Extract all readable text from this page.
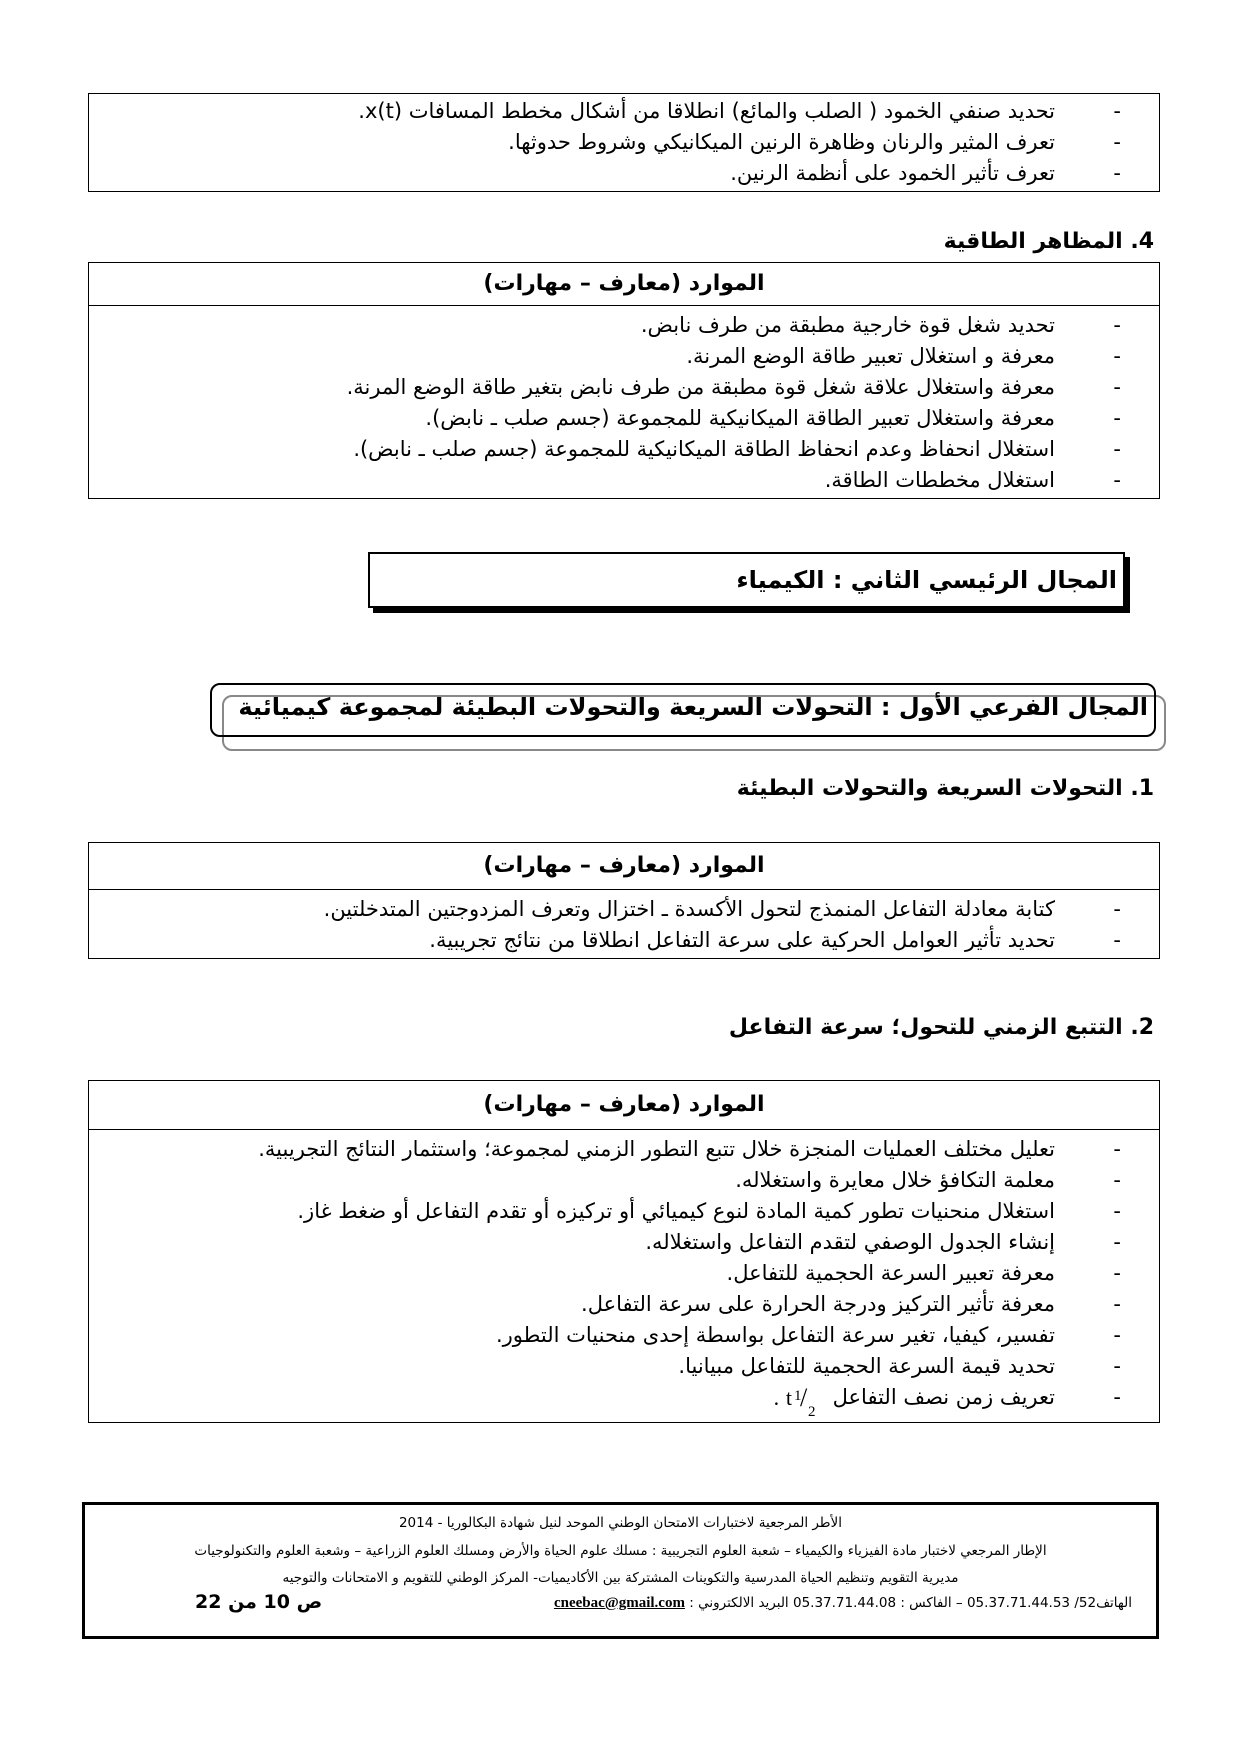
-
تحديد صنفي الخمود ( الصلب والمائع) انطلاقا من أشكال مخطط المسافات x(t).
-
تعرف المثير والرنان وظاهرة الرنين الميكانيكي وشروط حدوثها.
-
تعرف تأثير الخمود على أنظمة الرنين.
4. المظاهر الطاقية
الموارد (معارف – مهارات)
-
تحديد شغل قوة خارجية مطبقة من طرف نابض.
-
معرفة و استغلال تعبير طاقة الوضع المرنة.
-
معرفة واستغلال علاقة شغل قوة مطبقة من طرف نابض بتغير طاقة الوضع المرنة.
-
معرفة واستغلال تعبير الطاقة الميكانيكية للمجموعة (جسم صلب ـ نابض).
-
استغلال انحفاظ وعدم انحفاظ الطاقة الميكانيكية للمجموعة (جسم صلب ـ نابض).
-
استغلال مخططات الطاقة.
المجال الرئيسي الثاني : الكيمياء
المجال الفرعي الأول : التحولات السريعة والتحولات البطيئة لمجموعة كيميائية
1. التحولات السريعة والتحولات البطيئة
الموارد (معارف – مهارات)
-
كتابة معادلة التفاعل المنمذج لتحول الأكسدة ـ اختزال وتعرف المزدوجتين المتدخلتين.
-
تحديد تأثير العوامل الحركية على سرعة التفاعل انطلاقا من نتائج تجريبية.
2. التتبع الزمني للتحول؛ سرعة التفاعل
الموارد (معارف – مهارات)
-
تعليل مختلف العمليات المنجزة خلال تتبع التطور الزمني لمجموعة؛ واستثمار النتائج التجريبية.
-
معلمة التكافؤ خلال معايرة واستغلاله.
-
استغلال منحنيات تطور كمية المادة لنوع كيميائي أو تركيزه أو تقدم التفاعل أو ضغط غاز.
-
إنشاء الجدول الوصفي لتقدم التفاعل واستغلاله.
-
معرفة تعبير السرعة الحجمية للتفاعل.
-
معرفة تأثير التركيز ودرجة الحرارة على سرعة التفاعل.
-
تفسير، كيفيا، تغير سرعة التفاعل بواسطة إحدى منحنيات التطور.
-
تحديد قيمة السرعة الحجمية للتفاعل مبيانيا.
-
تعريف زمن نصف التفاعل . t 1
/ 2
الأطر المرجعية لاختبارات الامتحان الوطني الموحد لنيل شهادة البكالوريا - 2014
الإطار المرجعي لاختبار مادة الفيزياء والكيمياء – شعبة العلوم التجريبية : مسلك علوم الحياة والأرض ومسلك العلوم الزراعية – وشعبة العلوم والتكنولوجيات
مديرية التقويم وتنظيم الحياة المدرسية والتكوينات المشتركة بين الأكاديميات- المركز الوطني للتقويم و الامتحانات والتوجيه
الهاتف52/ 05.37.71.44.53 – الفاكس : 05.37.71.44.08 البريد الالكتروني : cneebac@gmail.com
ص 10 من 22
